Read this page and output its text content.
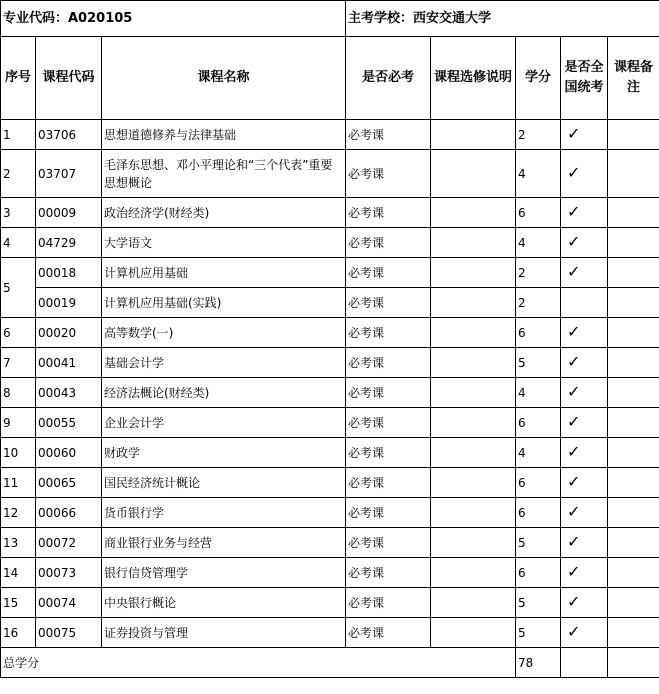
专业代码：A020105			主考学校：西安交通大学				
序号	课程代码	课程名称	是否必考	课程选修说明	学分	是否全国统考	课程备注
1	03706	思想道德修养与法律基础	必考课		2	✓	
2	03707	毛泽东思想、邓小平理论和“三个代表”重要思想概论	必考课		4	✓	
3	00009	政治经济学(财经类)	必考课		6	✓	
4	04729	大学语文	必考课		4	✓	
5	00018	计算机应用基础	必考课		2	✓	
	00019	计算机应用基础(实践)	必考课		2		
6	00020	高等数学(一)	必考课		6	✓	
7	00041	基础会计学	必考课		5	✓	
8	00043	经济法概论(财经类)	必考课		4	✓	
9	00055	企业会计学	必考课		6	✓	
10	00060	财政学	必考课		4	✓	
11	00065	国民经济统计概论	必考课		6	✓	
12	00066	货币银行学	必考课		6	✓	
13	00072	商业银行业务与经营	必考课		5	✓	
14	00073	银行信贷管理学	必考课		6	✓	
15	00074	中央银行概论	必考课		5	✓	
16	00075	证券投资与管理	必考课		5	✓	
总学分					78		
